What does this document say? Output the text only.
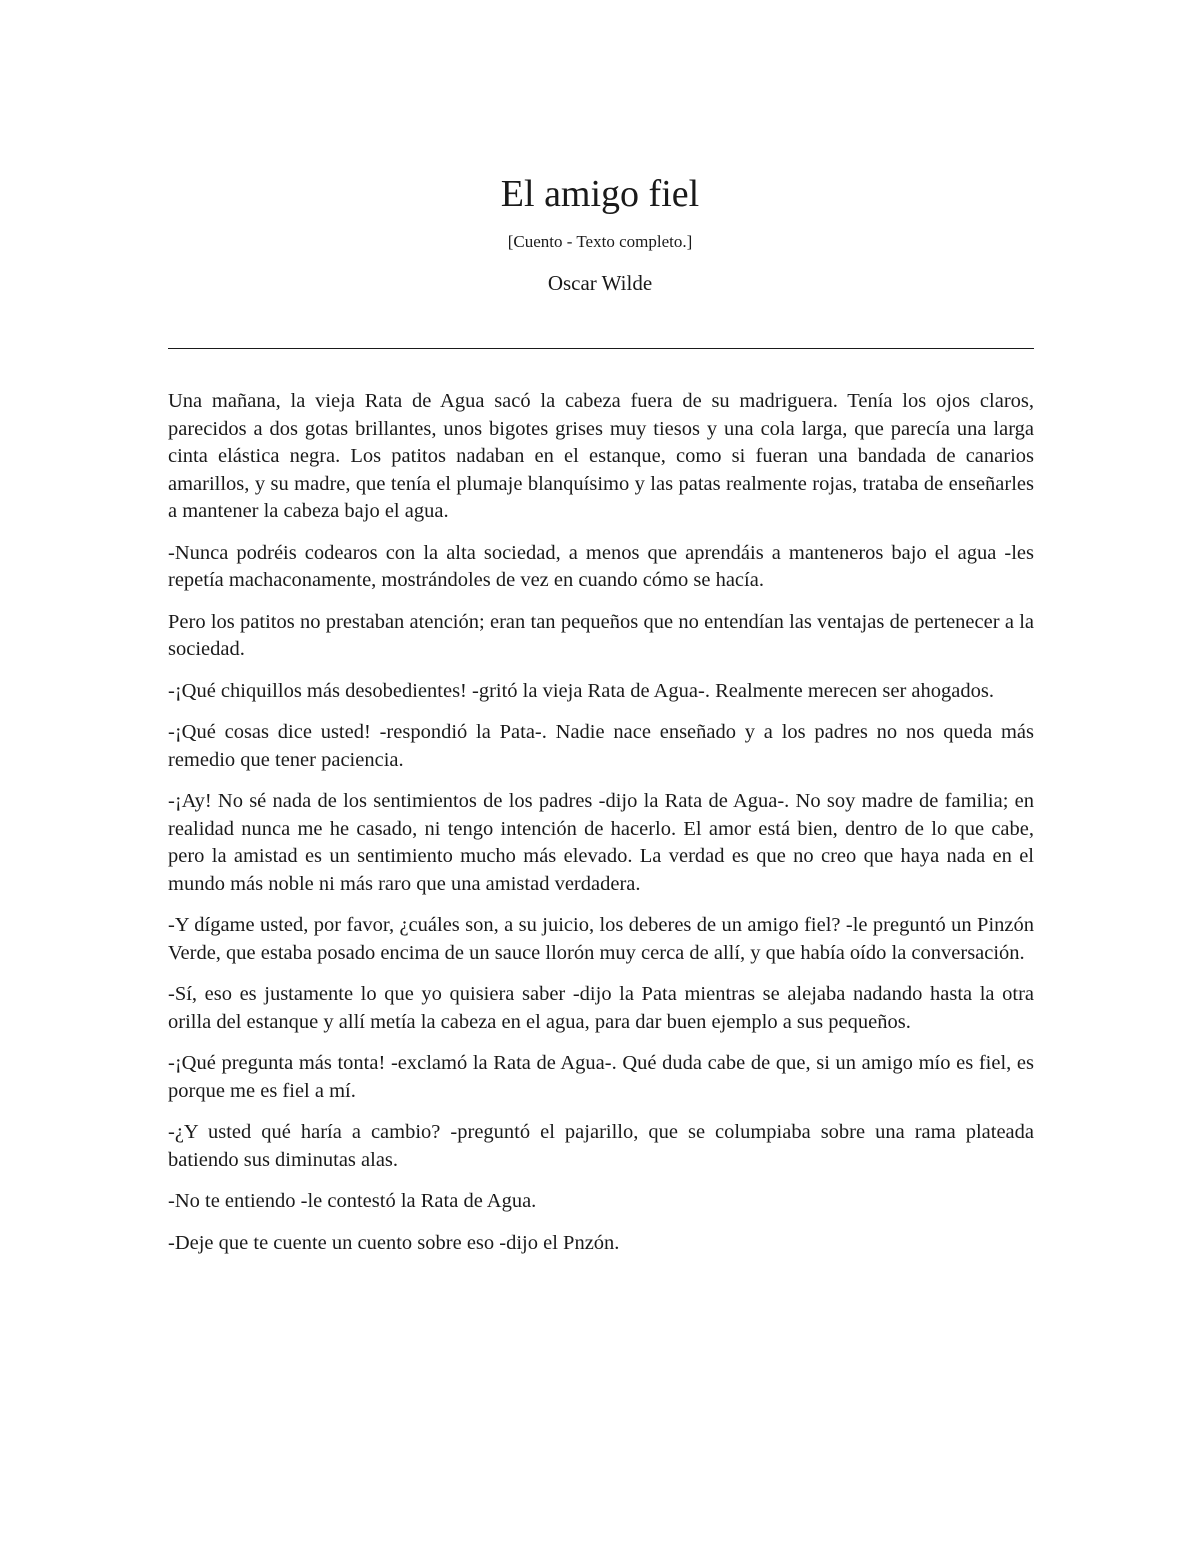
El amigo fiel
[Cuento - Texto completo.]
Oscar Wilde

Una mañana, la vieja Rata de Agua sacó la cabeza fuera de su madriguera. Tenía los ojos claros, parecidos a dos gotas brillantes, unos bigotes grises muy tiesos y una cola larga, que parecía una larga cinta elástica negra. Los patitos nadaban en el estanque, como si fueran una bandada de canarios amarillos, y su madre, que tenía el plumaje blanquísimo y las patas realmente rojas, trataba de enseñarles a mantener la cabeza bajo el agua.

-Nunca podréis codearos con la alta sociedad, a menos que aprendáis a manteneros bajo el agua -les repetía machaconamente, mostrándoles de vez en cuando cómo se hacía.

Pero los patitos no prestaban atención; eran tan pequeños que no entendían las ventajas de pertenecer a la sociedad.

-¡Qué chiquillos más desobedientes! -gritó la vieja Rata de Agua-. Realmente merecen ser ahogados.

-¡Qué cosas dice usted! -respondió la Pata-. Nadie nace enseñado y a los padres no nos queda más remedio que tener paciencia.

-¡Ay! No sé nada de los sentimientos de los padres -dijo la Rata de Agua-. No soy madre de familia; en realidad nunca me he casado, ni tengo intención de hacerlo. El amor está bien, dentro de lo que cabe, pero la amistad es un sentimiento mucho más elevado. La verdad es que no creo que haya nada en el mundo más noble ni más raro que una amistad verdadera.

-Y dígame usted, por favor, ¿cuáles son, a su juicio, los deberes de un amigo fiel? -le preguntó un Pinzón Verde, que estaba posado encima de un sauce llorón muy cerca de allí, y que había oído la conversación.

-Sí, eso es justamente lo que yo quisiera saber -dijo la Pata mientras se alejaba nadando hasta la otra orilla del estanque y allí metía la cabeza en el agua, para dar buen ejemplo a sus pequeños.

-¡Qué pregunta más tonta! -exclamó la Rata de Agua-. Qué duda cabe de que, si un amigo mío es fiel, es porque me es fiel a mí.

-¿Y usted qué haría a cambio? -preguntó el pajarillo, que se columpiaba sobre una rama plateada batiendo sus diminutas alas.

-No te entiendo -le contestó la Rata de Agua.

-Deje que te cuente un cuento sobre eso -dijo el Pnzón.
